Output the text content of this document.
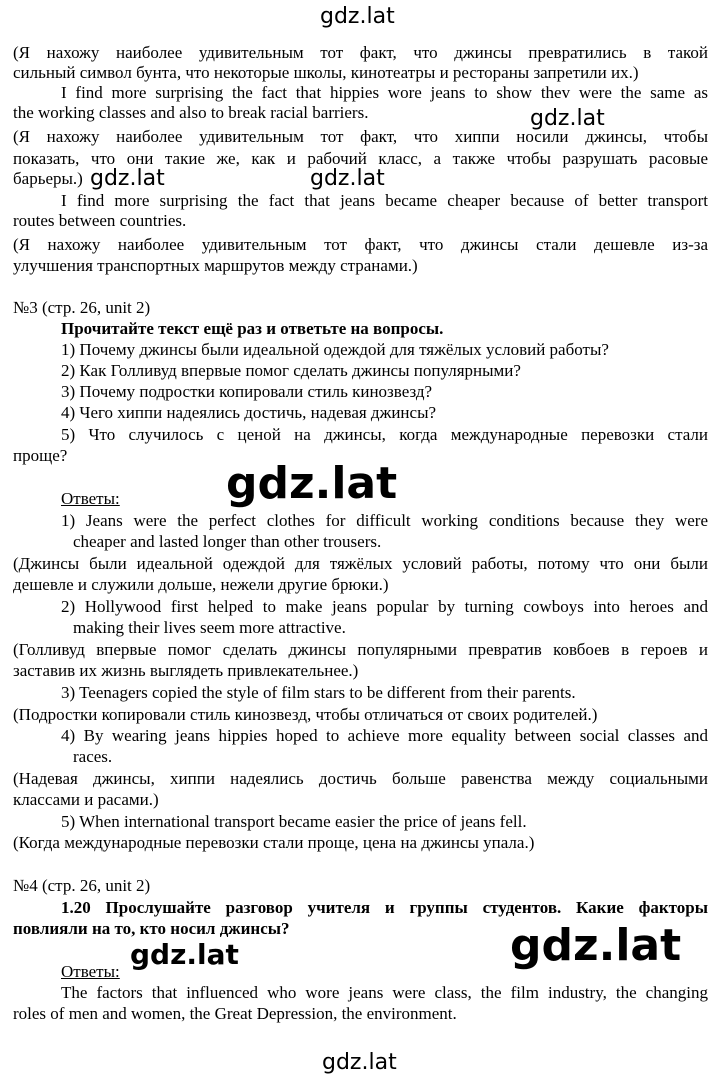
(Я нахожу наиболее удивительным тот факт, что джинсы превратились в такой
сильный символ бунта, что некоторые школы, кинотеатры и рестораны запретили их.)
I find more surprising the fact that hippies wore jeans to show thev were the same as
the working classes and also to break racial barriers.
(Я нахожу наиболее удивительным тот факт, что хиппи носили джинсы, чтобы
показать, что они такие же, как и рабочий класс, а также чтобы разрушать расовые
барьеры.)
I find more surprising the fact that jeans became cheaper because of better transport
routes between countries.
(Я нахожу наиболее удивительным тот факт, что джинсы стали дешевле из-за
улучшения транспортных маршрутов между странами.)
№3 (стр. 26, unit 2)
Прочитайте текст ещё раз и ответьте на вопросы.
1) Почему джинсы были идеальной одеждой для тяжёлых условий работы?
2) Как Голливуд впервые помог сделать джинсы популярными?
3) Почему подростки копировали стиль кинозвезд?
4) Чего хиппи надеялись достичь, надевая джинсы?
5) Что случилось с ценой на джинсы, когда международные перевозки стали
проще?
Ответы:
1) Jeans were the perfect clothes for difficult working conditions because they were
cheaper and lasted longer than other trousers.
(Джинсы были идеальной одеждой для тяжёлых условий работы, потому что они были
дешевле и служили дольше, нежели другие брюки.)
2) Hollywood first helped to make jeans popular by turning cowboys into heroes and
making their lives seem more attractive.
(Голливуд впервые помог сделать джинсы популярными превратив ковбоев в героев и
заставив их жизнь выглядеть привлекательнее.)
3) Teenagers copied the style of film stars to be different from their parents.
(Подростки копировали стиль кинозвезд, чтобы отличаться от своих родителей.)
4) By wearing jeans hippies hoped to achieve more equality between social classes and
races.
(Надевая джинсы, хиппи надеялись достичь больше равенства между социальными
классами и расами.)
5) When international transport became easier the price of jeans fell.
(Когда международные перевозки стали проще, цена на джинсы упала.)
№4 (стр. 26, unit 2)
1.20 Прослушайте разговор учителя и группы студентов. Какие факторы
повлияли на то, кто носил джинсы?
Ответы:
The factors that influenced who wore jeans were class, the film industry, the changing
roles of men and women, the Great Depression, the environment.
gdz.lat
gdz.lat
gdz.lat	gdz.lat
gdz.lat
gdz.lat	gdz.lat
gdz.lat
